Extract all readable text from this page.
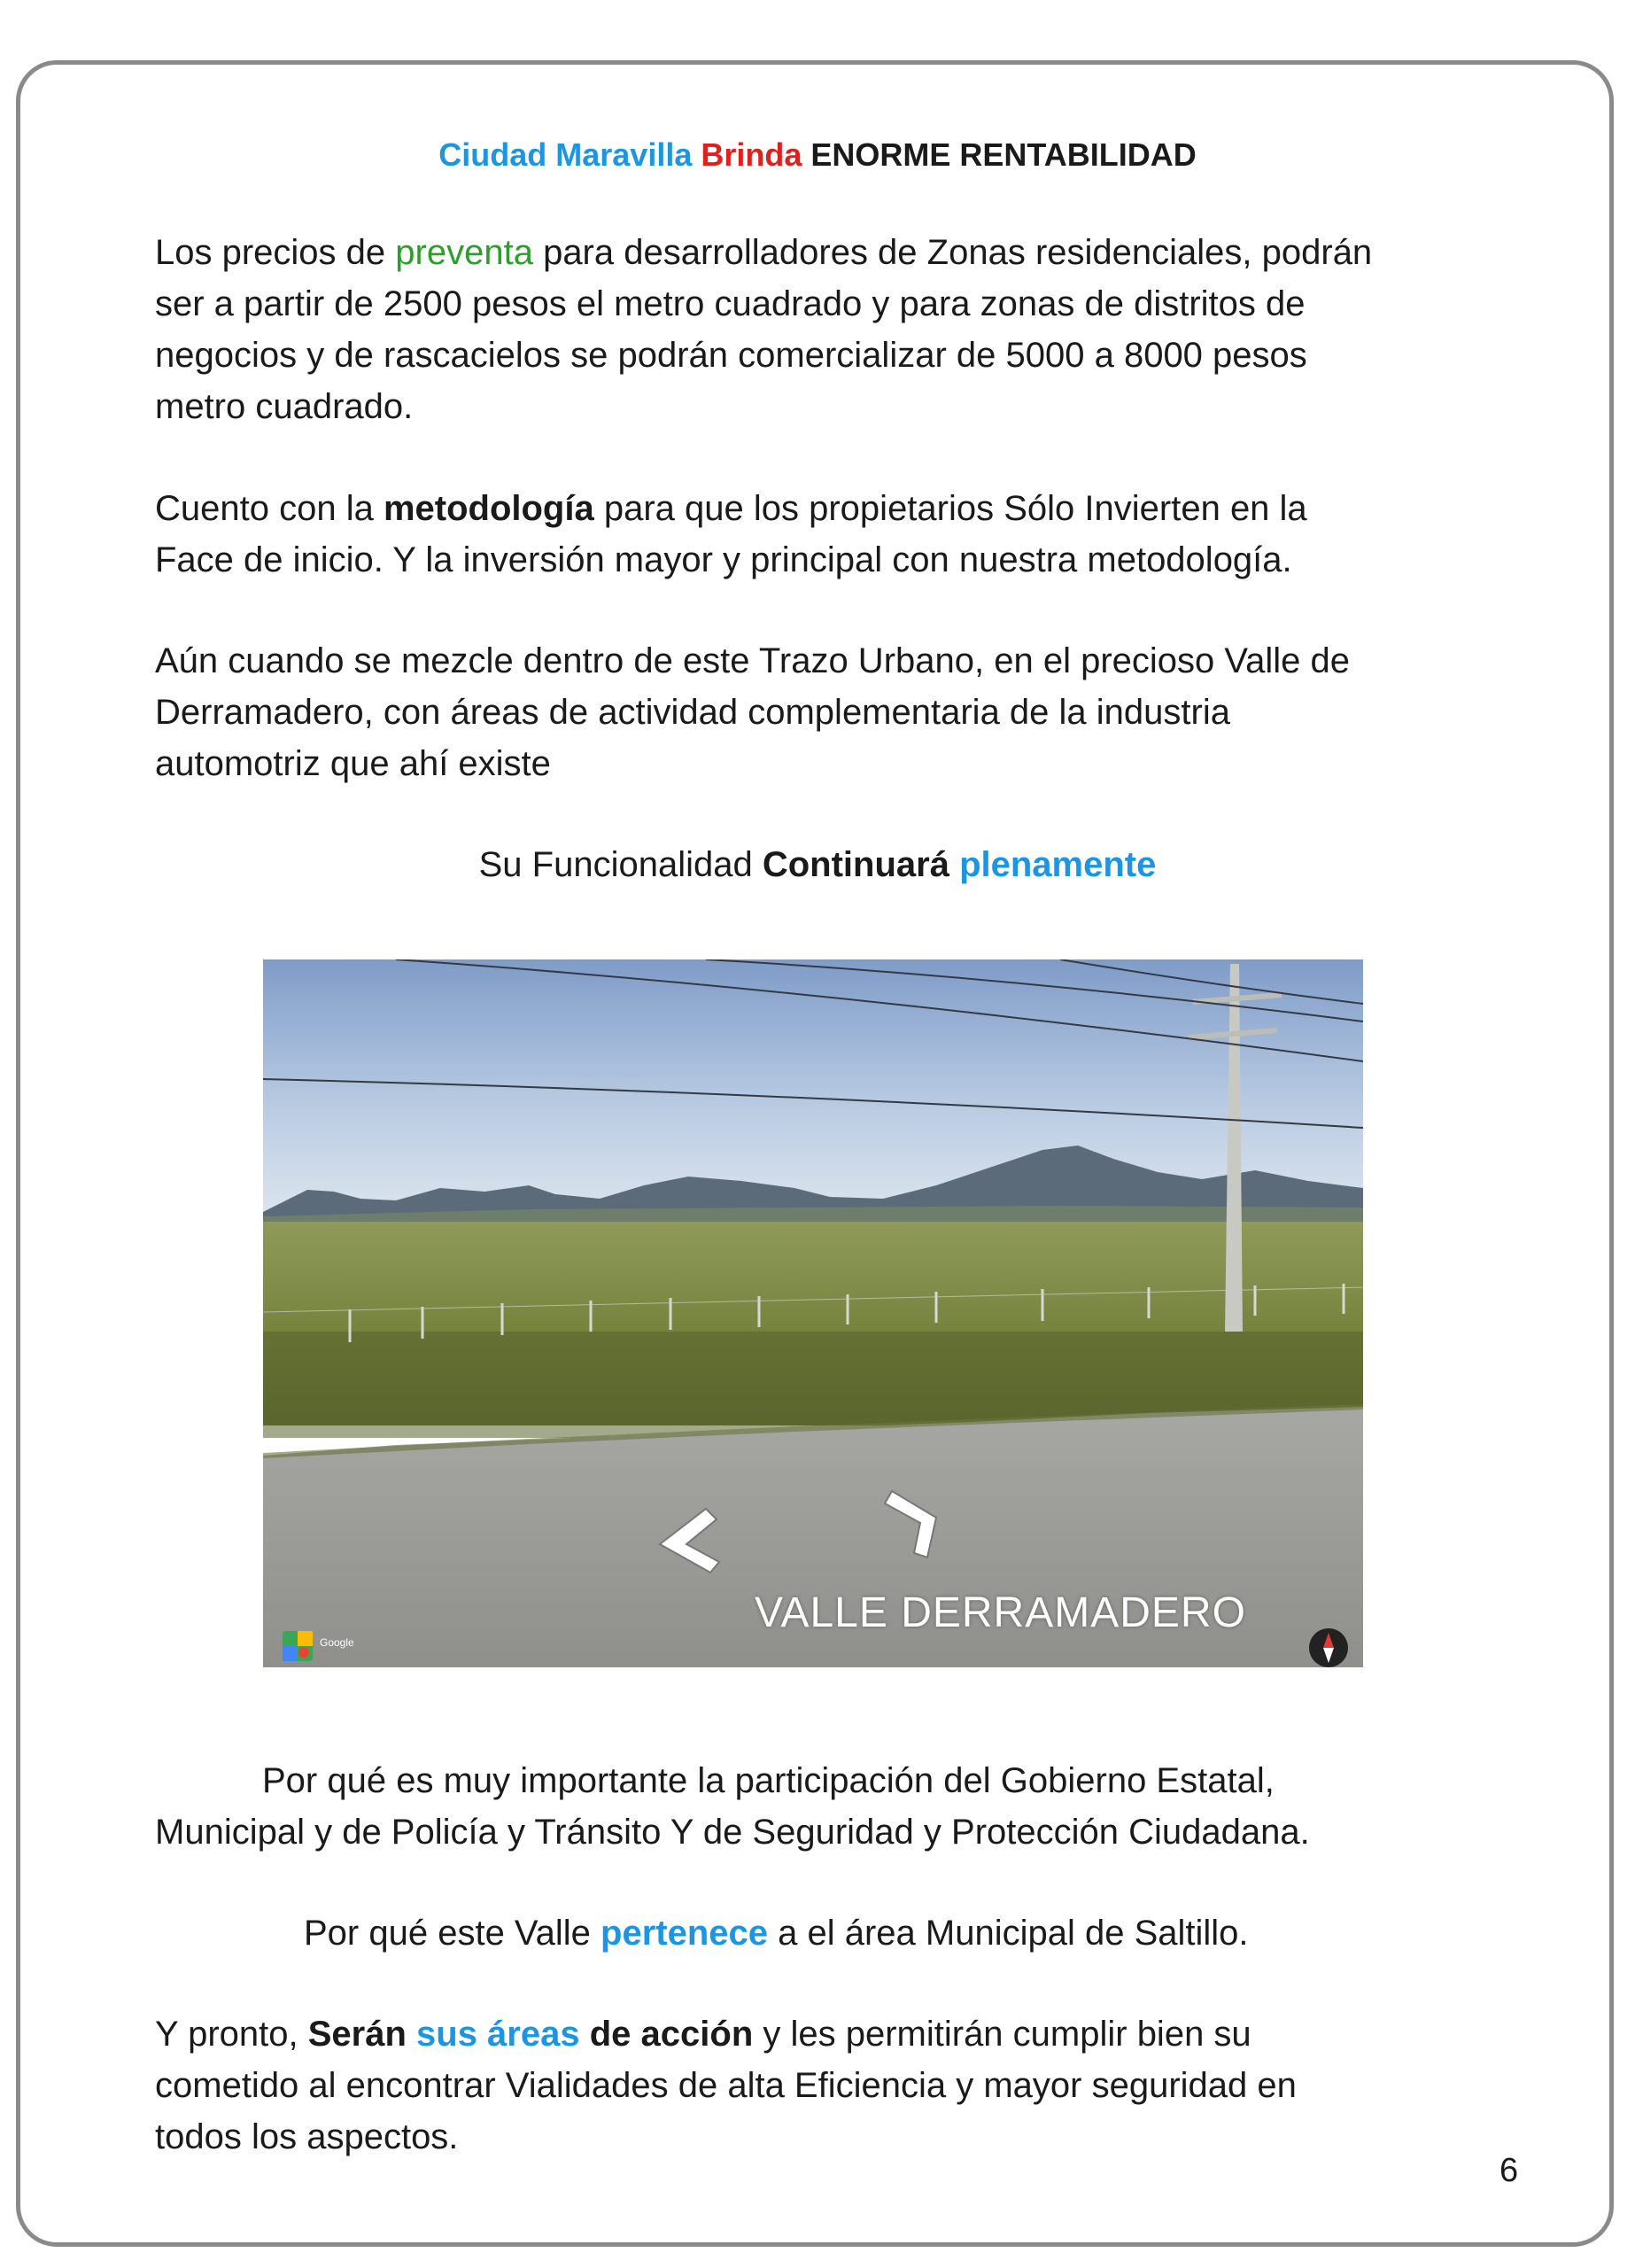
Ciudad Maravilla Brinda ENORME RENTABILIDAD
Los precios de preventa para desarrolladores de Zonas residenciales, podrán
ser a partir de 2500 pesos el metro cuadrado y para zonas de distritos de
negocios y de rascacielos se podrán comercializar de 5000 a 8000 pesos
metro cuadrado.
Cuento con la metodología para que los propietarios Sólo Invierten en la
Face de inicio. Y la inversión mayor y principal con nuestra metodología.
Aún cuando se mezcle dentro de este Trazo Urbano, en el precioso Valle de
Derramadero, con áreas de actividad complementaria de la industria
automotriz que ahí existe
Su Funcionalidad Continuará plenamente
Google
VALLE DERRAMADERO
Por qué es muy importante la participación del Gobierno Estatal,
Municipal y de Policía y Tránsito Y de Seguridad y Protección Ciudadana.
Por qué este Valle pertenece a el área Municipal de Saltillo.
Y pronto, Serán sus áreas de acción y les permitirán cumplir bien su
cometido al encontrar Vialidades de alta Eficiencia y mayor seguridad en
todos los aspectos.
6
